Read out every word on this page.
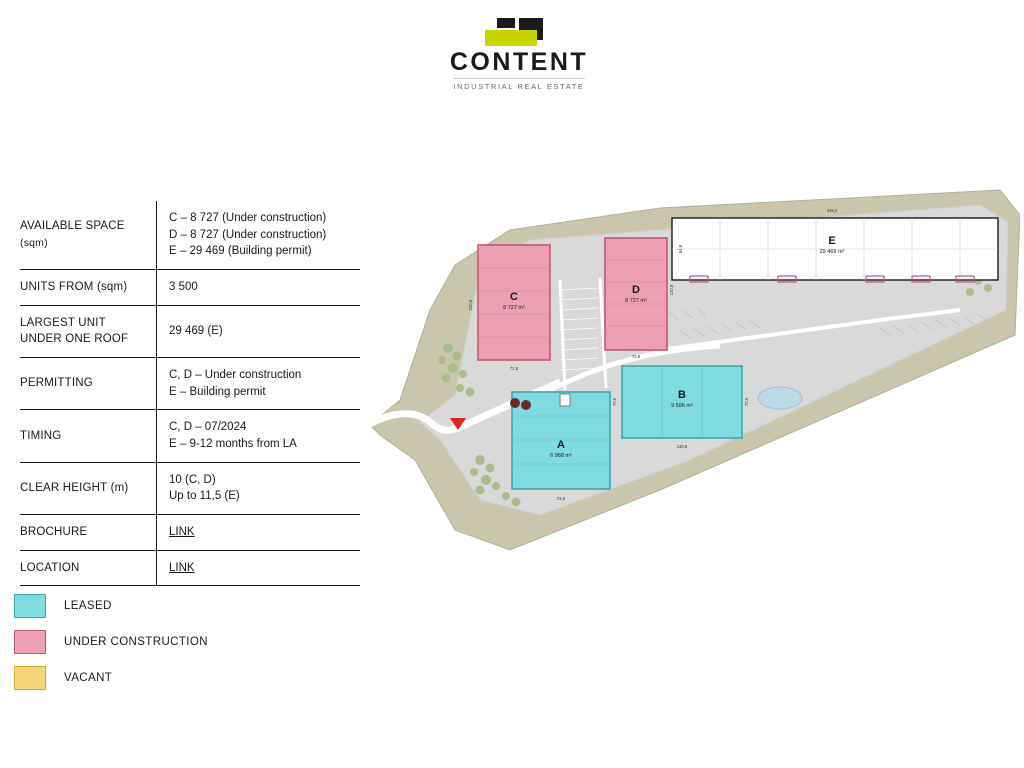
CONTENT
INDUSTRIAL REAL ESTATE
AVAILABLE SPACE
(sqm)	C – 8 727 (Under construction)
D – 8 727 (Under construction)
E – 29 469 (Building permit)

UNITS FROM (sqm)	3 500

LARGEST UNIT
UNDER ONE ROOF	29 469 (E)

PERMITTING	C, D – Under construction
E – Building permit

TIMING	C, D – 07/2024
E – 9-12 months from LA

CLEAR HEIGHT (m)	10 (C, D)
Up to 11,5 (E)

BROCHURE	LINK
LOCATION	LINK
LEASED
UNDER CONSTRUCTION
VACANT
C
8 727 m²
120,8
72,8
D
8 727 m²
120,8
72,8
E
29 469 m²
349,3
84,8
A
6 988 m²
72,5
B
9 596 m²
72,5	72,5
120,8
